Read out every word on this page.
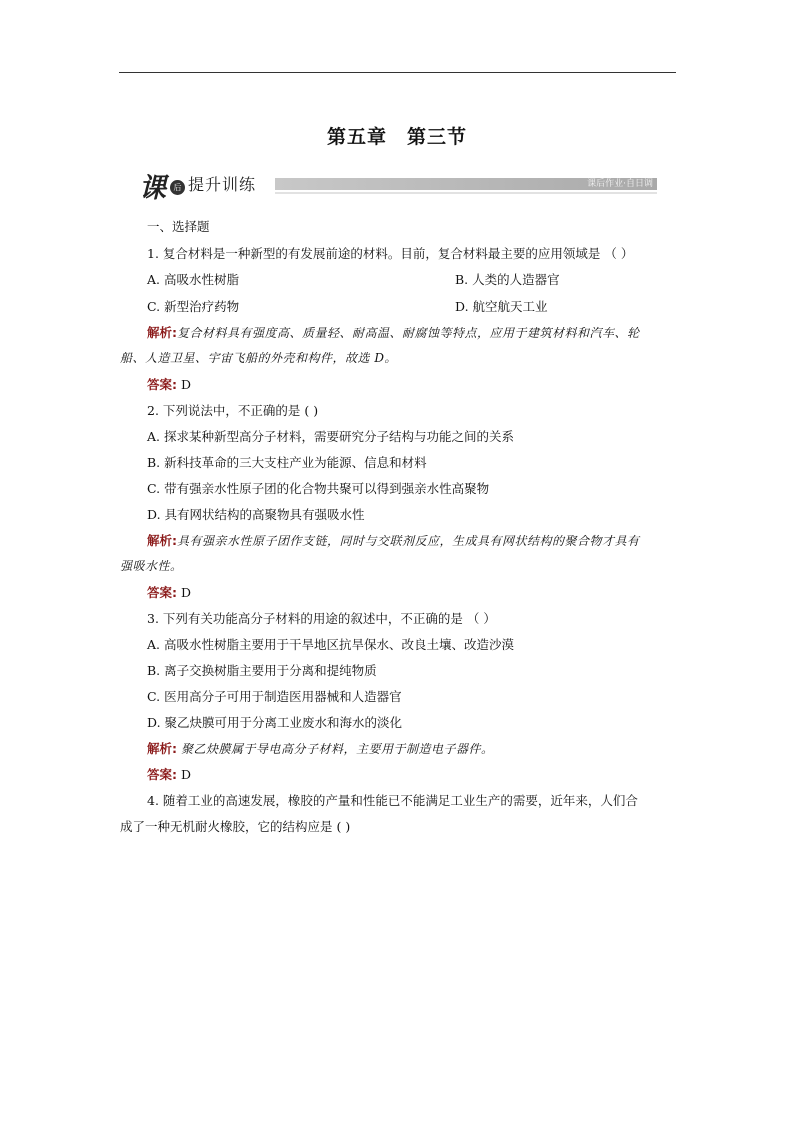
第五章　第三节
课 后 提升训练	课后作业·自日调
一、选择题
1. 复合材料是一种新型的有发展前途的材料。目前，复合材料最主要的应用领域是 （ ）
A. 高吸水性树脂	B. 人类的人造器官
C. 新型治疗药物	D. 航空航天工业
解析:复合材料具有强度高、质量轻、耐高温、耐腐蚀等特点，应用于建筑材料和汽车、轮
船、人造卫星、宇宙飞船的外壳和构件，故选 D。
答案: D
2. 下列说法中，不正确的是 ( )
A. 探求某种新型高分子材料，需要研究分子结构与功能之间的关系
B. 新科技革命的三大支柱产业为能源、信息和材料
C. 带有强亲水性原子团的化合物共聚可以得到强亲水性高聚物
D. 具有网状结构的高聚物具有强吸水性
解析:具有强亲水性原子团作支链，同时与交联剂反应，生成具有网状结构的聚合物才具有
强吸水性。
答案: D
3. 下列有关功能高分子材料的用途的叙述中，不正确的是 （ ）
A. 高吸水性树脂主要用于干旱地区抗旱保水、改良土壤、改造沙漠
B. 离子交换树脂主要用于分离和提纯物质
C. 医用高分子可用于制造医用器械和人造器官
D. 聚乙炔膜可用于分离工业废水和海水的淡化
解析: 聚乙炔膜属于导电高分子材料，主要用于制造电子器件。
答案: D
4. 随着工业的高速发展，橡胶的产量和性能已不能满足工业生产的需要，近年来，人们合
成了一种无机耐火橡胶，它的结构应是 ( )
